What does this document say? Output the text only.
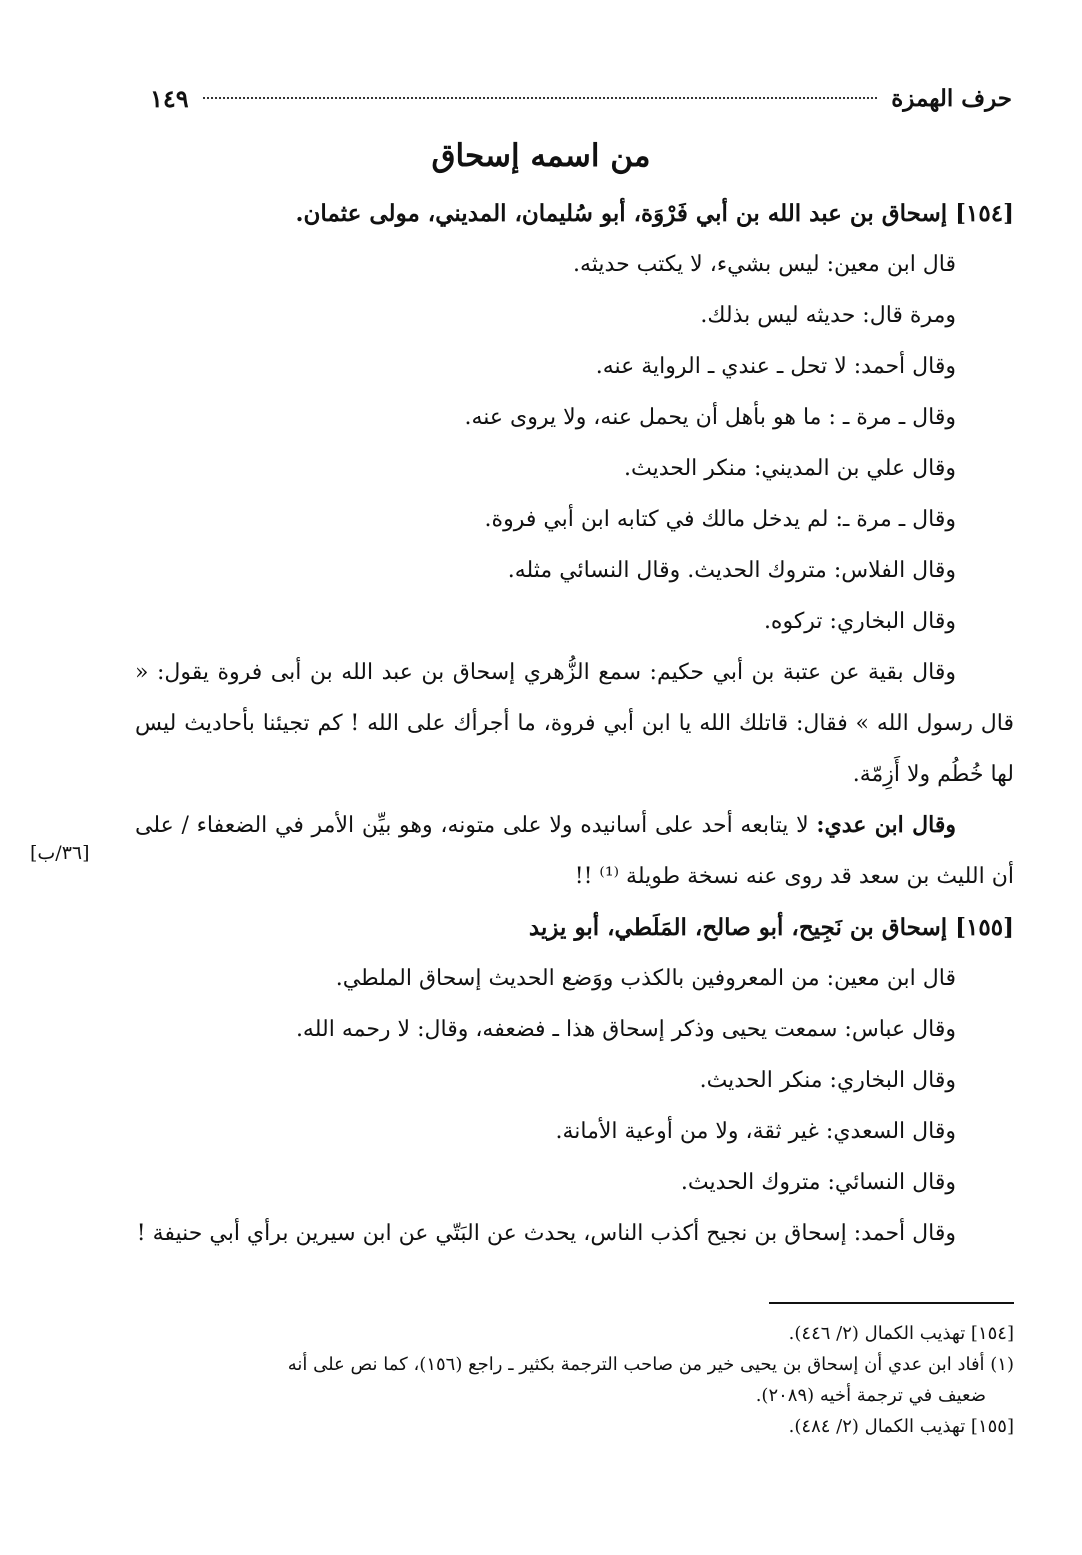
حرف الهمزة
١٤٩
من اسمه إسحاق
[١٥٤] إسحاق بن عبد الله بن أبي فَرْوَة، أبو سُليمان، المديني، مولى عثمان.
قال ابن معين: ليس بشيء، لا يكتب حديثه.
ومرة قال: حديثه ليس بذلك.
وقال أحمد: لا تحل ـ عندي ـ الرواية عنه.
وقال ـ مرة ـ : ما هو بأهل أن يحمل عنه، ولا يروى عنه.
وقال علي بن المديني: منكر الحديث.
وقال ـ مرة ـ: لم يدخل مالك في كتابه ابن أبي فروة.
وقال الفلاس: متروك الحديث. وقال النسائي مثله.
وقال البخاري: تركوه.
وقال بقية عن عتبة بن أبي حكيم: سمع الزُّهري إسحاق بن عبد الله بن أبى فروة يقول: « قال رسول الله » فقال: قاتلك الله يا ابن أبي فروة، ما أجرأك على الله ! كم تجيئنا بأحاديث ليس لها خُطُم ولا أَزِمّة.
وقال ابن عدي: لا يتابعه أحد على أسانيده ولا على متونه، وهو بيِّن الأمر في الضعفاء / على أن الليث بن سعد قد روى عنه نسخة طويلة ⁽¹⁾ !!
[١٥٥] إسحاق بن نَجِيح، أبو صالح، المَلَطي، أبو يزيد
قال ابن معين: من المعروفين بالكذب ووَضع الحديث إسحاق الملطي.
وقال عباس: سمعت يحيى وذكر إسحاق هذا ـ فضعفه، وقال: لا رحمه الله.
وقال البخاري: منكر الحديث.
وقال السعدي: غير ثقة، ولا من أوعية الأمانة.
وقال النسائي: متروك الحديث.
وقال أحمد: إسحاق بن نجيح أكذب الناس، يحدث عن البَتّي عن ابن سيرين برأي أبي حنيفة !
[٣٦/ب]
[١٥٤] تهذيب الكمال (٢/ ٤٤٦).
(١) أفاد ابن عدي أن إسحاق بن يحيى خير من صاحب الترجمة بكثير ـ راجع (١٥٦)، كما نص على أنه
ضعيف في ترجمة أخيه (٢٠٨٩).
[١٥٥] تهذيب الكمال (٢/ ٤٨٤).
